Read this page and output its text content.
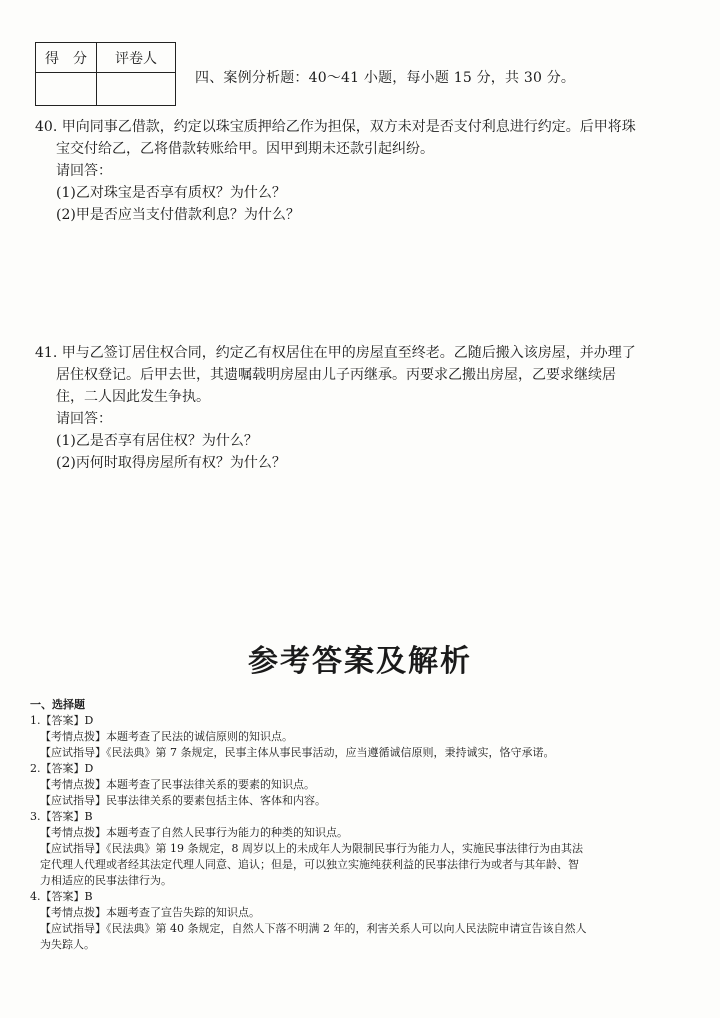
得　分	评卷人

四、案例分析题：40～41 小题，每小题 15 分，共 30 分。
40. 甲向同事乙借款，约定以珠宝质押给乙作为担保，双方未对是否支付利息进行约定。后甲将珠
宝交付给乙，乙将借款转账给甲。因甲到期未还款引起纠纷。
请回答：
(1)乙对珠宝是否享有质权？为什么？
(2)甲是否应当支付借款利息？为什么？
41. 甲与乙签订居住权合同，约定乙有权居住在甲的房屋直至终老。乙随后搬入该房屋，并办理了
居住权登记。后甲去世，其遗嘱载明房屋由儿子丙继承。丙要求乙搬出房屋，乙要求继续居
住，二人因此发生争执。
请回答：
(1)乙是否享有居住权？为什么？
(2)丙何时取得房屋所有权？为什么？
参考答案及解析
一、选择题
1.【答案】D
【考情点拨】本题考查了民法的诚信原则的知识点。
【应试指导】《民法典》第 7 条规定，民事主体从事民事活动，应当遵循诚信原则，秉持诚实，恪守承诺。
2.【答案】D
【考情点拨】本题考查了民事法律关系的要素的知识点。
【应试指导】民事法律关系的要素包括主体、客体和内容。
3.【答案】B
【考情点拨】本题考查了自然人民事行为能力的种类的知识点。
【应试指导】《民法典》第 19 条规定，8 周岁以上的未成年人为限制民事行为能力人，实施民事法律行为由其法
定代理人代理或者经其法定代理人同意、追认；但是，可以独立实施纯获利益的民事法律行为或者与其年龄、智
力相适应的民事法律行为。
4.【答案】B
【考情点拨】本题考查了宣告失踪的知识点。
【应试指导】《民法典》第 40 条规定，自然人下落不明满 2 年的，利害关系人可以向人民法院申请宣告该自然人
为失踪人。
